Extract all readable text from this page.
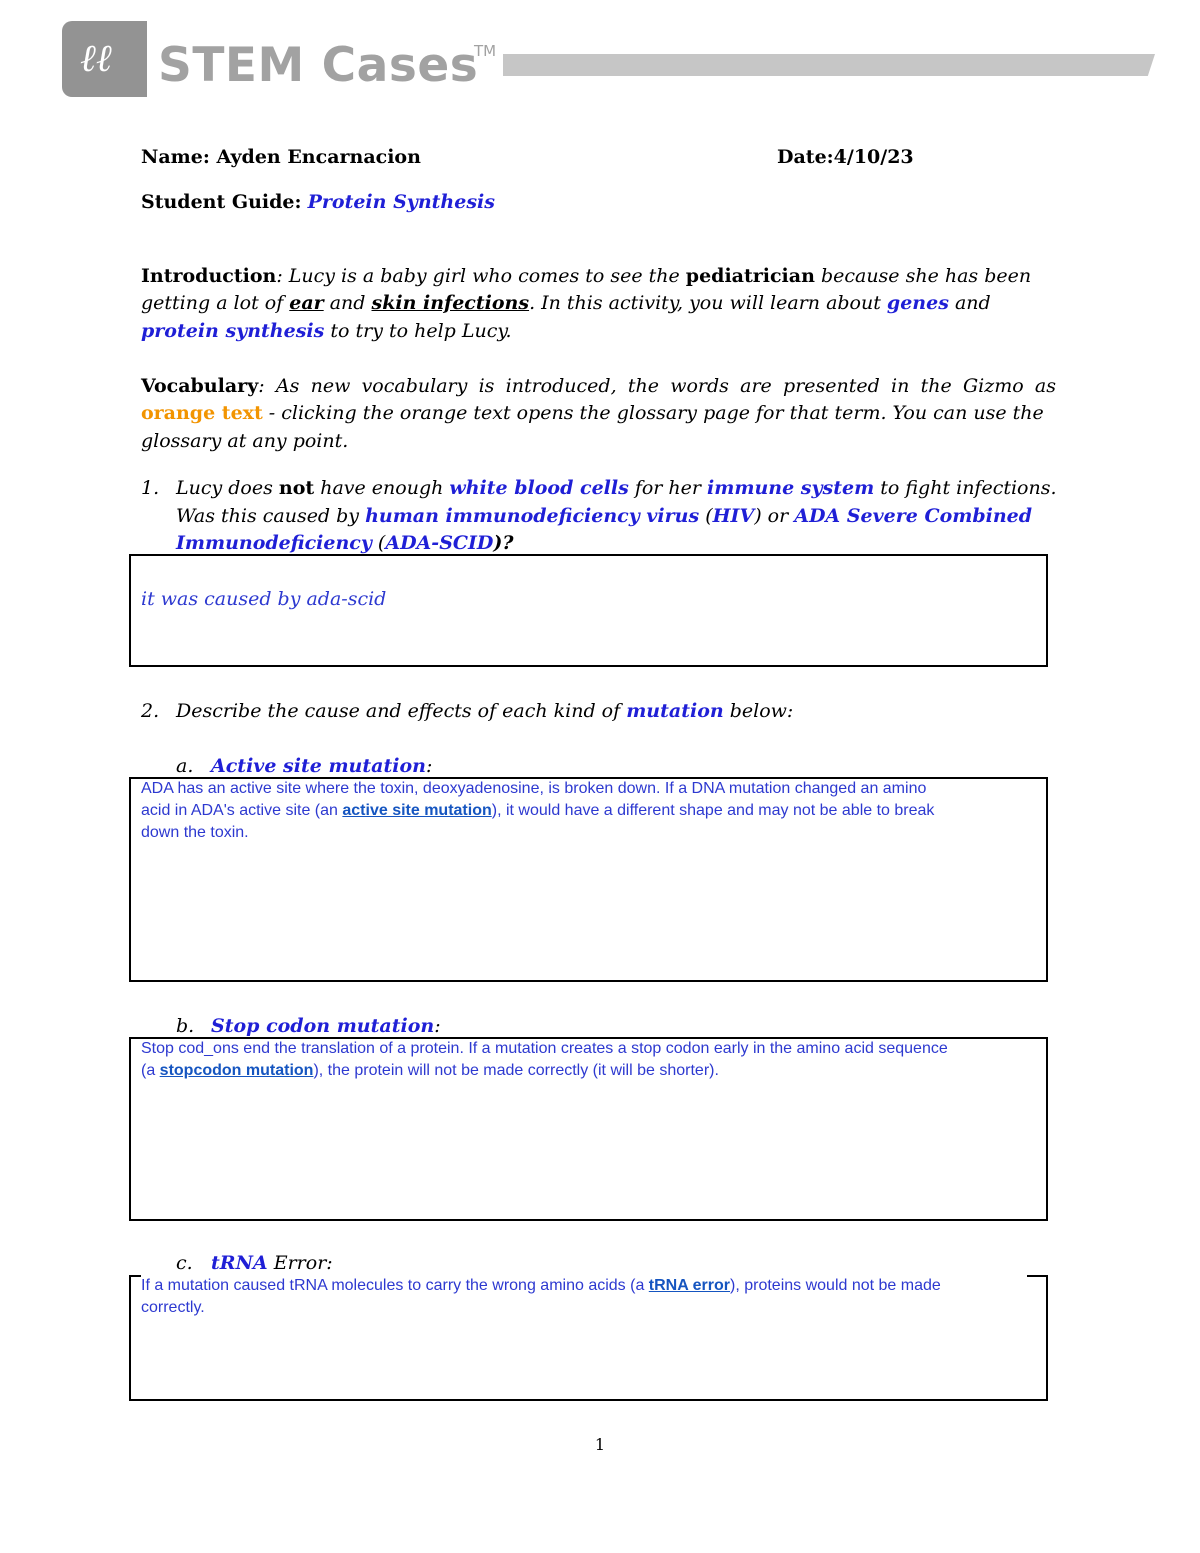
ℓℓ STEM Cases
TM
Name: Ayden Encarnacion	Date:4/10/23
Student Guide: Protein Synthesis
Introduction: Lucy is a baby girl who comes to see the pediatrician because she has been
getting a lot of ear and skin infections. In this activity, you will learn about genes and
protein synthesis to try to help Lucy.
Vocabulary: As new vocabulary is introduced, the words are presented in the Gizmo as
orange text - clicking the orange text opens the glossary page for that term. You can use the
glossary at any point.
1. Lucy does not have enough white blood cells for her immune system to fight infections.
Was this caused by human immunodeficiency virus (HIV) or ADA Severe Combined
Immunodeficiency (ADA-SCID)?
it was caused by ada-scid
2. Describe the cause and effects of each kind of mutation below:
a. Active site mutation:
ADA has an active site where the toxin, deoxyadenosine, is broken down. If a DNA mutation changed an amino
acid in ADA's active site (an active site mutation), it would have a different shape and may not be able to break
down the toxin.
b. Stop codon mutation:
Stop cod_ons end the translation of a protein. If a mutation creates a stop codon early in the amino acid sequence
(a stopcodon mutation), the protein will not be made correctly (it will be shorter).
c. tRNA Error:
If a mutation caused tRNA molecules to carry the wrong amino acids (a tRNA error), proteins would not be made
correctly.
1
